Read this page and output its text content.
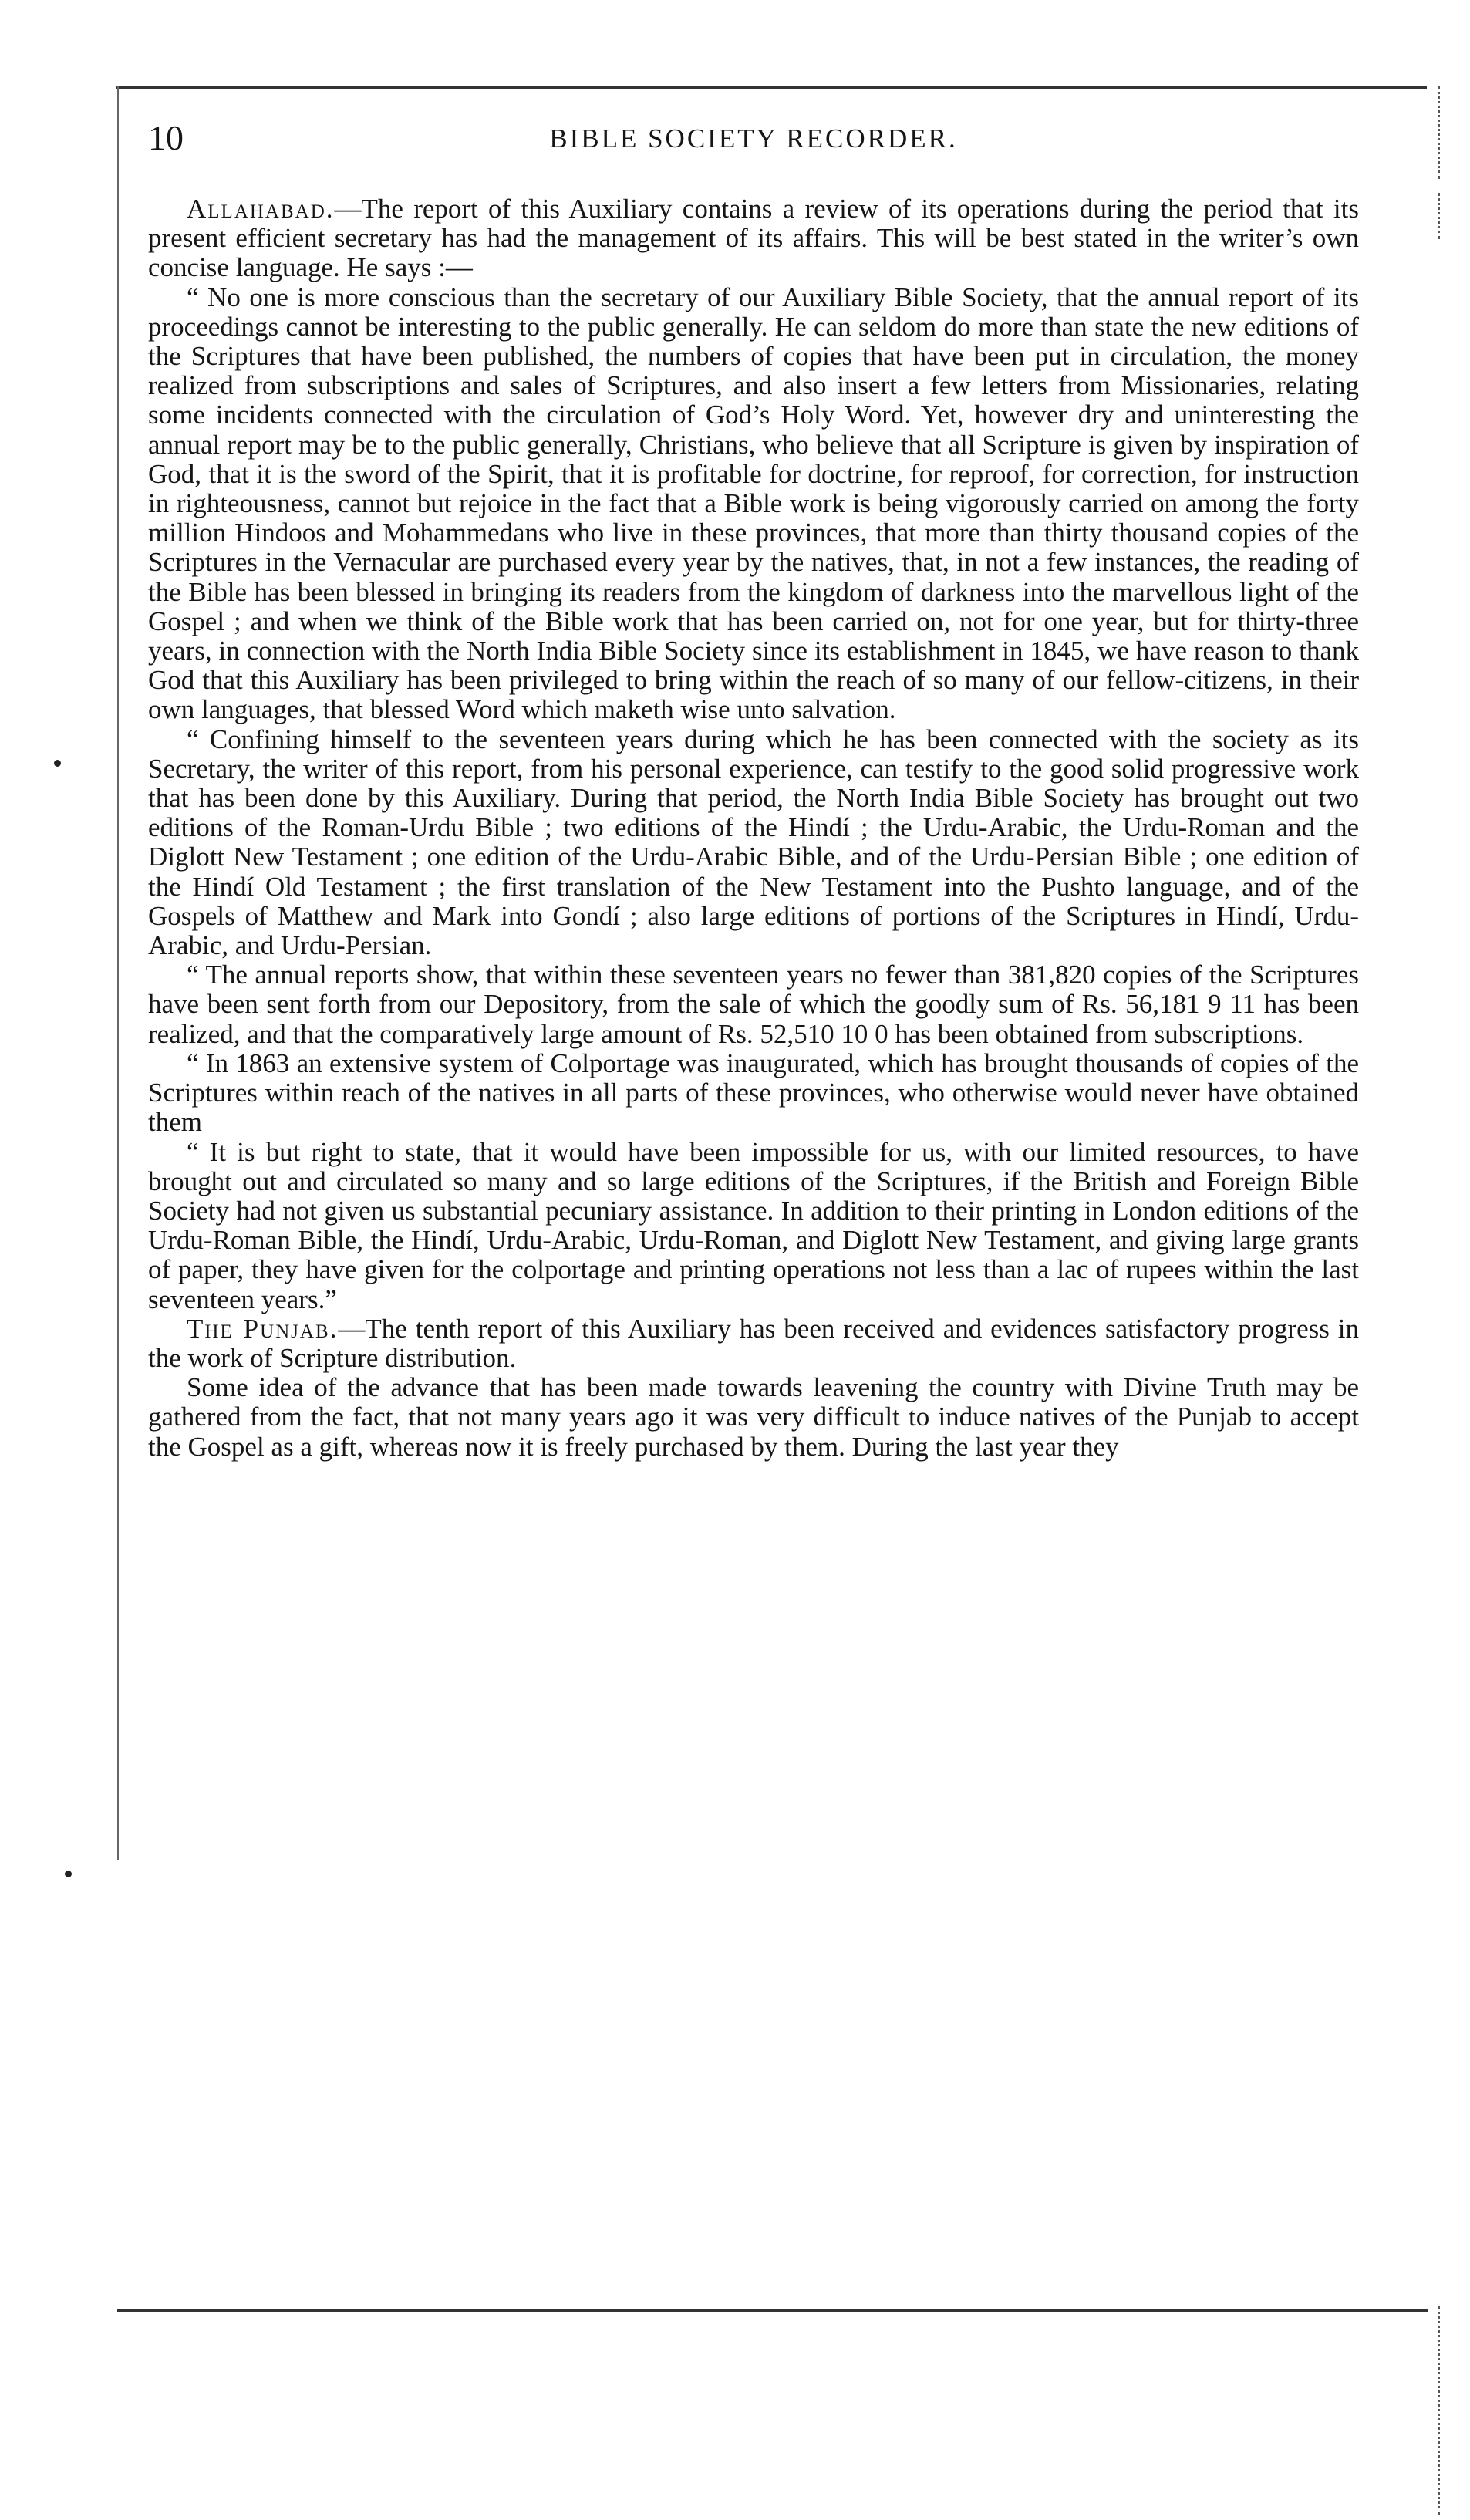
10	BIBLE SOCIETY RECORDER.

Allahabad.—The report of this Auxiliary contains a review of its operations during the period that its present efficient secretary has had the management of its affairs. This will be best stated in the writer’s own concise language. He says :—

“ No one is more conscious than the secretary of our Auxiliary Bible Society, that the annual report of its proceedings cannot be interesting to the public generally. He can seldom do more than state the new editions of the Scriptures that have been published, the numbers of copies that have been put in circulation, the money realized from subscriptions and sales of Scriptures, and also insert a few letters from Missionaries, relating some incidents connected with the circulation of God’s Holy Word. Yet, however dry and uninteresting the annual report may be to the public generally, Christians, who believe that all Scripture is given by inspiration of God, that it is the sword of the Spirit, that it is profitable for doctrine, for reproof, for correction, for instruction in righteousness, cannot but rejoice in the fact that a Bible work is being vigorously carried on among the forty million Hindoos and Mohammedans who live in these provinces, that more than thirty thousand copies of the Scriptures in the Vernacular are purchased every year by the natives, that, in not a few instances, the reading of the Bible has been blessed in bringing its readers from the kingdom of darkness into the marvellous light of the Gospel ; and when we think of the Bible work that has been carried on, not for one year, but for thirty-three years, in connection with the North India Bible Society since its establishment in 1845, we have reason to thank God that this Auxiliary has been privileged to bring within the reach of so many of our fellow-citizens, in their own languages, that blessed Word which maketh wise unto salvation.

“ Confining himself to the seventeen years during which he has been connected with the society as its Secretary, the writer of this report, from his personal experience, can testify to the good solid progressive work that has been done by this Auxiliary. During that period, the North India Bible Society has brought out two editions of the Roman-Urdu Bible ; two editions of the Hindí ; the Urdu-Arabic, the Urdu-Roman and the Diglott New Testament ; one edition of the Urdu-Arabic Bible, and of the Urdu-Persian Bible ; one edition of the Hindí Old Testament ; the first translation of the New Testament into the Pushto language, and of the Gospels of Matthew and Mark into Gondí ; also large editions of portions of the Scriptures in Hindí, Urdu-Arabic, and Urdu-Persian.

“ The annual reports show, that within these seventeen years no fewer than 381,820 copies of the Scriptures have been sent forth from our Depository, from the sale of which the goodly sum of Rs. 56,181 9 11 has been realized, and that the comparatively large amount of Rs. 52,510 10 0 has been obtained from subscriptions.

“ In 1863 an extensive system of Colportage was inaugurated, which has brought thousands of copies of the Scriptures within reach of the natives in all parts of these provinces, who otherwise would never have obtained them

“ It is but right to state, that it would have been impossible for us, with our limited resources, to have brought out and circulated so many and so large editions of the Scriptures, if the British and Foreign Bible Society had not given us substantial pecuniary assistance. In addition to their printing in London editions of the Urdu-Roman Bible, the Hindí, Urdu-Arabic, Urdu-Roman, and Diglott New Testament, and giving large grants of paper, they have given for the colportage and printing operations not less than a lac of rupees within the last seventeen years.”

The Punjab.—The tenth report of this Auxiliary has been received and evidences satisfactory progress in the work of Scripture distribution.

Some idea of the advance that has been made towards leavening the country with Divine Truth may be gathered from the fact, that not many years ago it was very difficult to induce natives of the Punjab to accept the Gospel as a gift, whereas now it is freely purchased by them. During the last year they
